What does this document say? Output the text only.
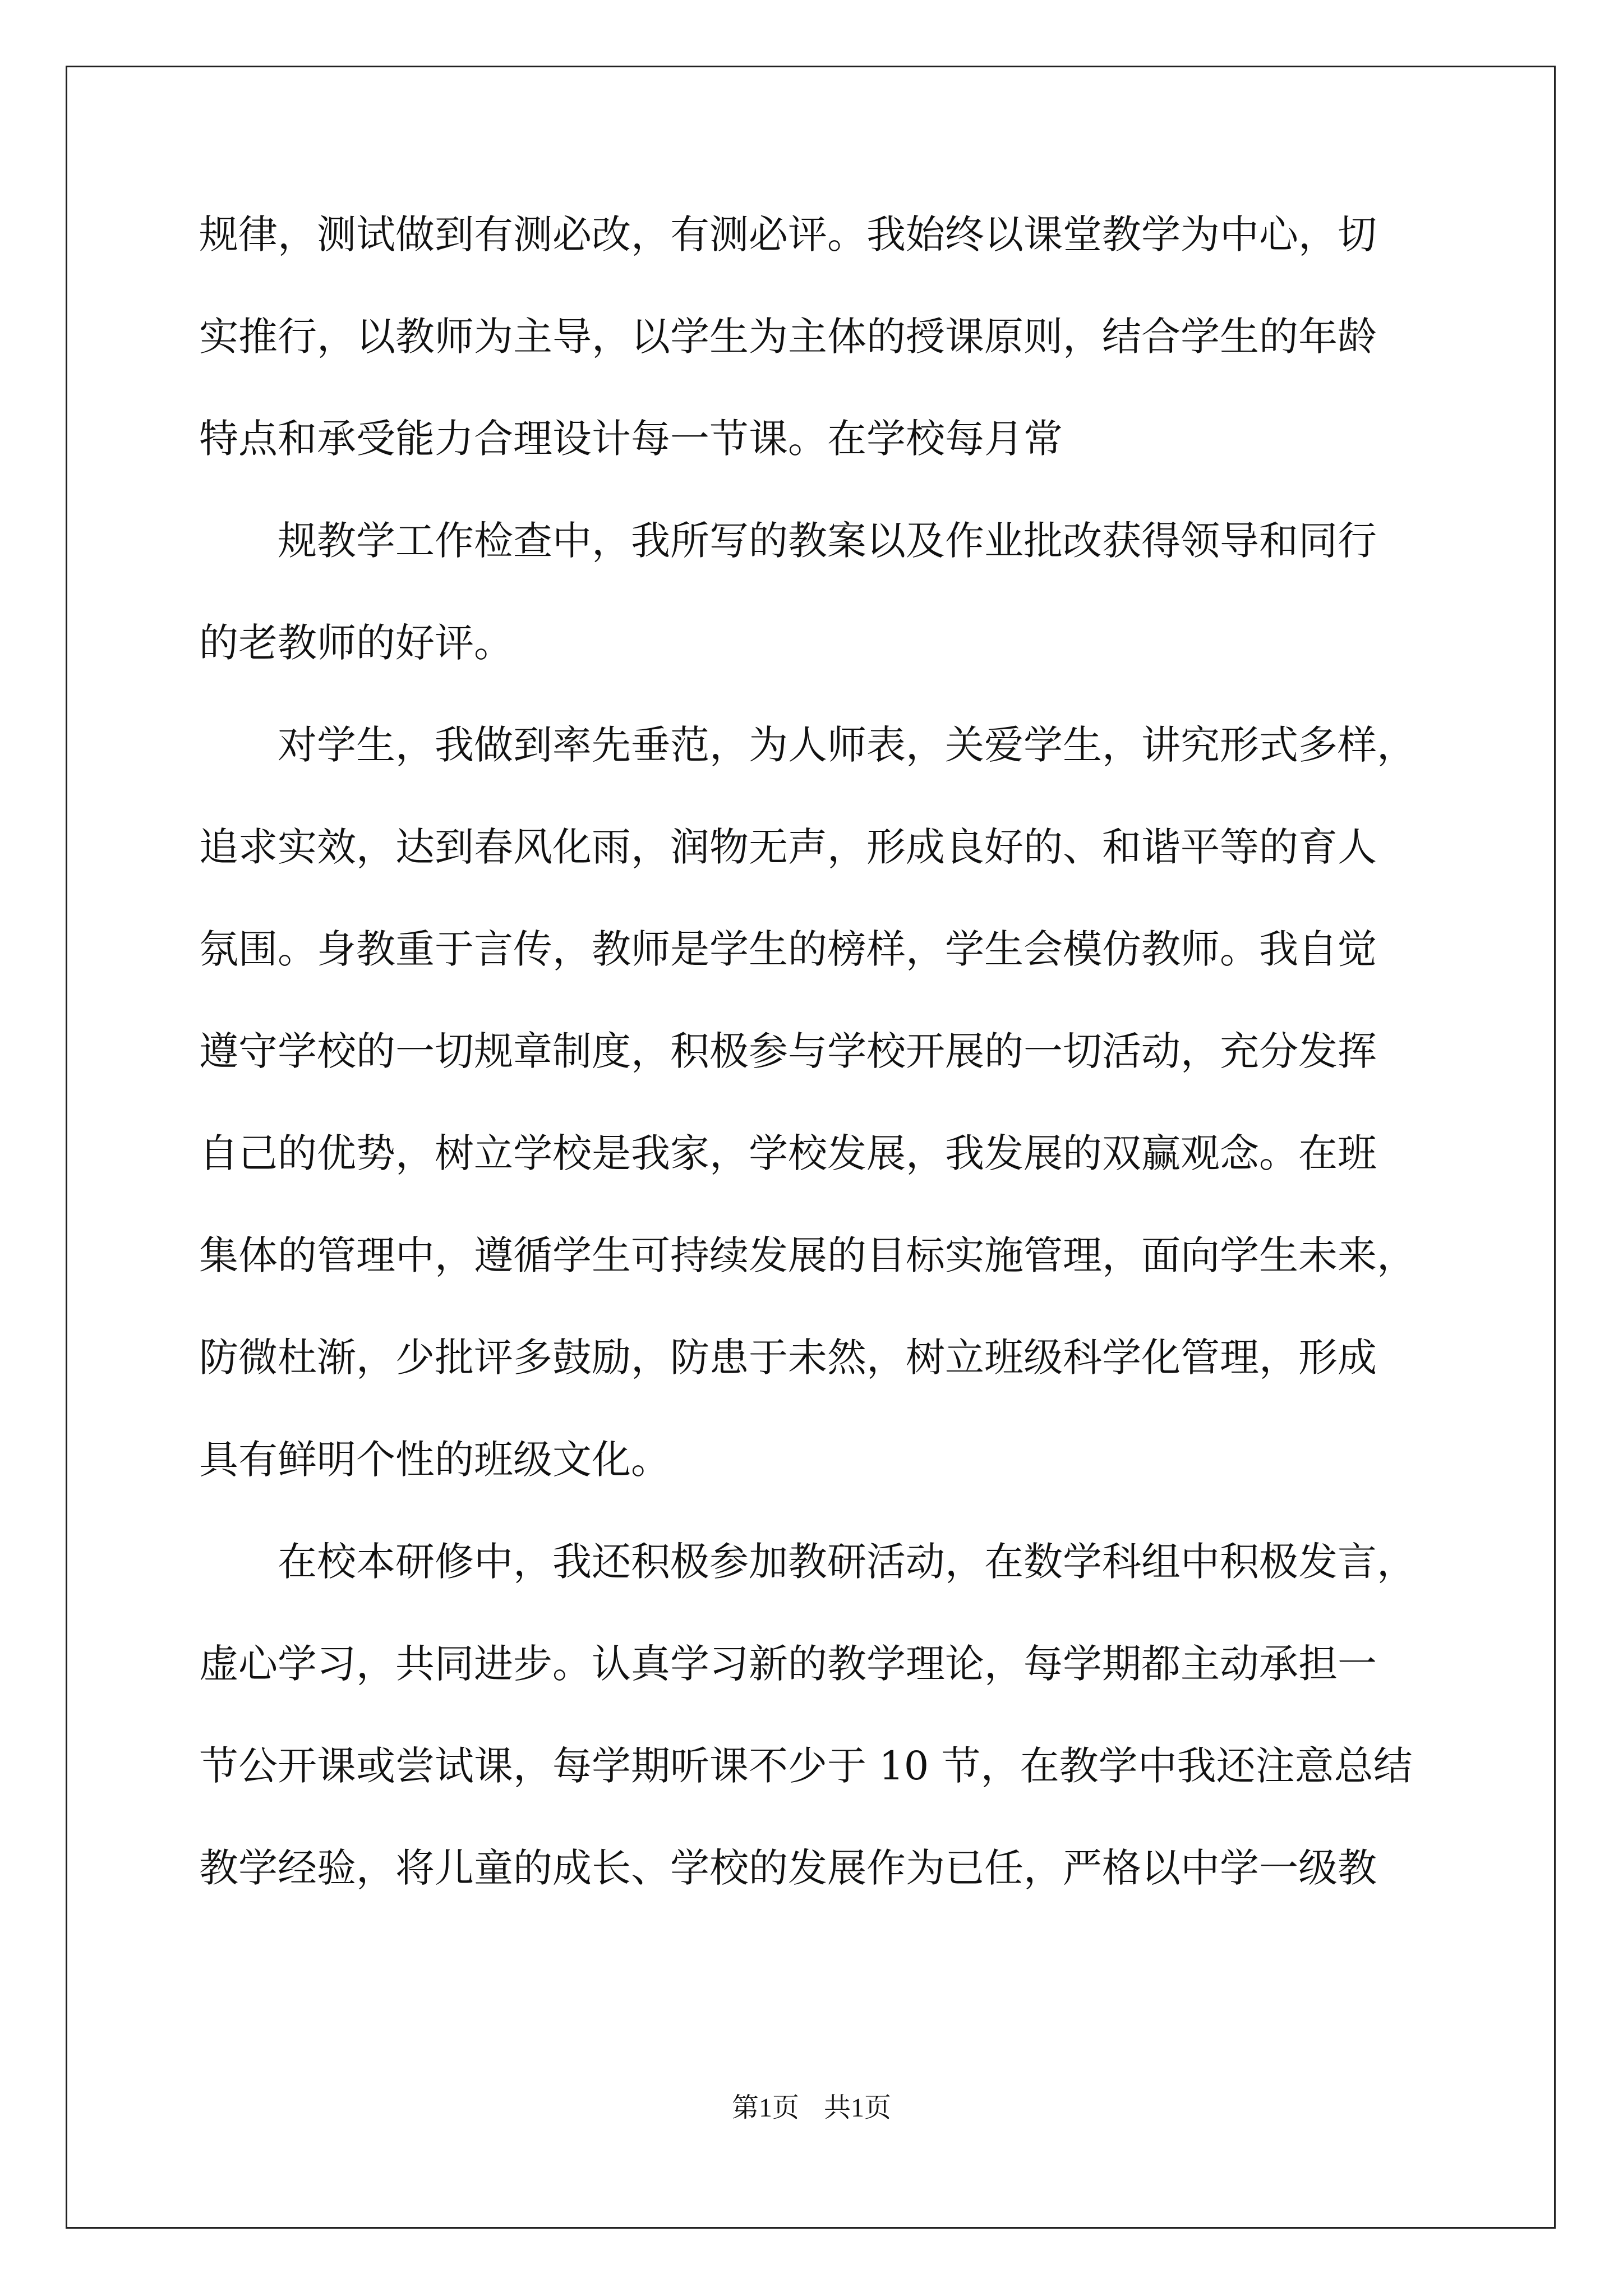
规律，测试做到有测必改，有测必评。我始终以课堂教学为中心，切
实推行，以教师为主导，以学生为主体的授课原则，结合学生的年龄
特点和承受能力合理设计每一节课。在学校每月常
　　规教学工作检查中，我所写的教案以及作业批改获得领导和同行
的老教师的好评。
　　对学生，我做到率先垂范，为人师表，关爱学生，讲究形式多样，
追求实效，达到春风化雨，润物无声，形成良好的、和谐平等的育人
氛围。身教重于言传，教师是学生的榜样，学生会模仿教师。我自觉
遵守学校的一切规章制度，积极参与学校开展的一切活动，充分发挥
自己的优势，树立学校是我家，学校发展，我发展的双赢观念。在班
集体的管理中，遵循学生可持续发展的目标实施管理，面向学生未来，
防微杜渐，少批评多鼓励，防患于未然，树立班级科学化管理，形成
具有鲜明个性的班级文化。
　　在校本研修中，我还积极参加教研活动，在数学科组中积极发言，
虚心学习，共同进步。认真学习新的教学理论，每学期都主动承担一
节公开课或尝试课，每学期听课不少于 10 节，在教学中我还注意总结
教学经验，将儿童的成长、学校的发展作为已任，严格以中学一级教
第1页 共1页
